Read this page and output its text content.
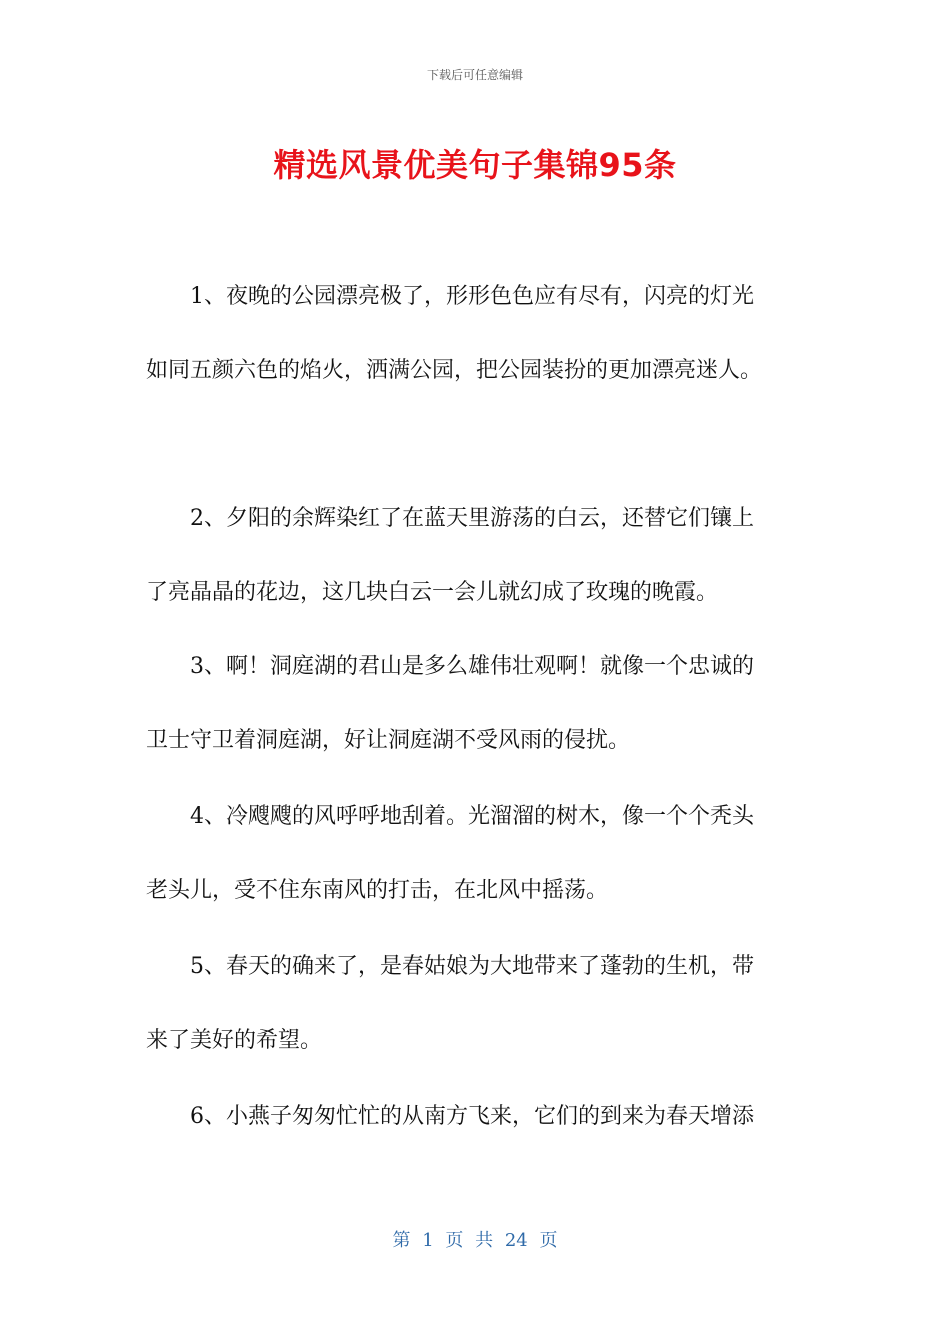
下载后可任意编辑
精选风景优美句子集锦95条

1、夜晚的公园漂亮极了，形形色色应有尽有，闪亮的灯光
如同五颜六色的焰火，洒满公园，把公园装扮的更加漂亮迷人。

2、夕阳的余辉染红了在蓝天里游荡的白云，还替它们镶上
了亮晶晶的花边，这几块白云一会儿就幻成了玫瑰的晚霞。

3、啊！洞庭湖的君山是多么雄伟壮观啊！就像一个忠诚的
卫士守卫着洞庭湖，好让洞庭湖不受风雨的侵扰。

4、冷飕飕的风呼呼地刮着。光溜溜的树木，像一个个秃头
老头儿，受不住东南风的打击，在北风中摇荡。

5、春天的确来了，是春姑娘为大地带来了蓬勃的生机，带
来了美好的希望。

6、小燕子匆匆忙忙的从南方飞来，它们的到来为春天增添

第 1 页 共 24 页
